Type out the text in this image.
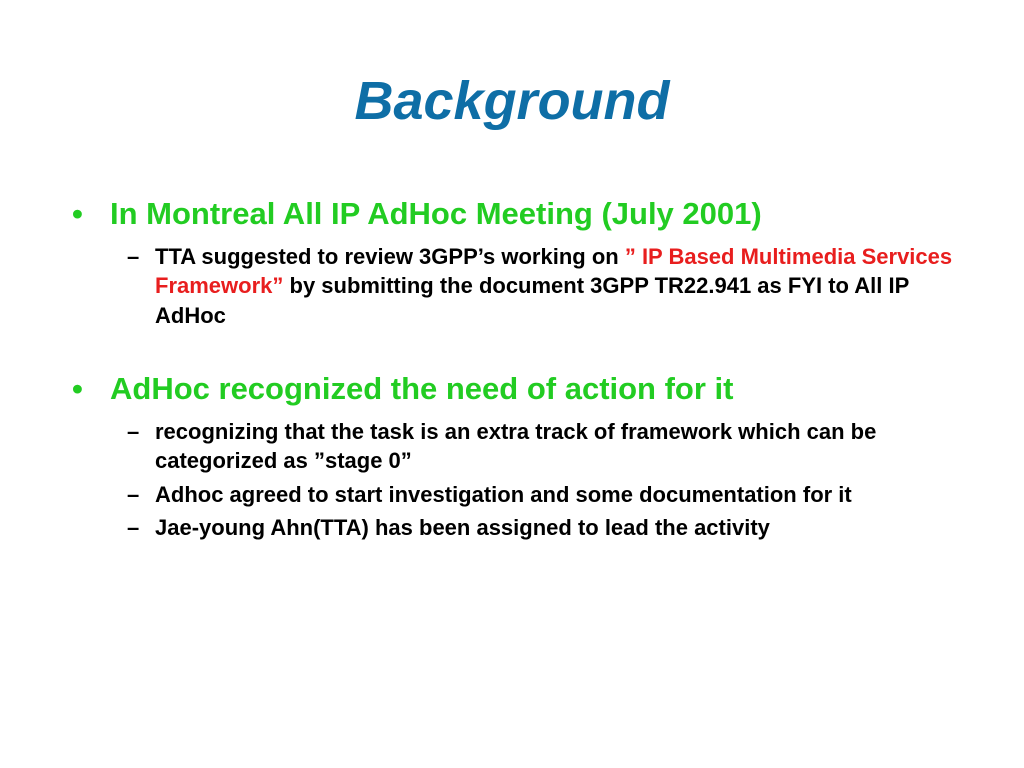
Background
• In Montreal All IP AdHoc Meeting (July 2001)
– TTA suggested to review 3GPP’s working on ” IP Based Multimedia Services Framework” by submitting the document 3GPP TR22.941 as FYI to All IP AdHoc
• AdHoc recognized the need of action for it
– recognizing that the task is an extra track of framework which can be categorized as ”stage 0”
– Adhoc agreed to start investigation and some documentation for it
– Jae-young Ahn(TTA) has been assigned to lead the activity
